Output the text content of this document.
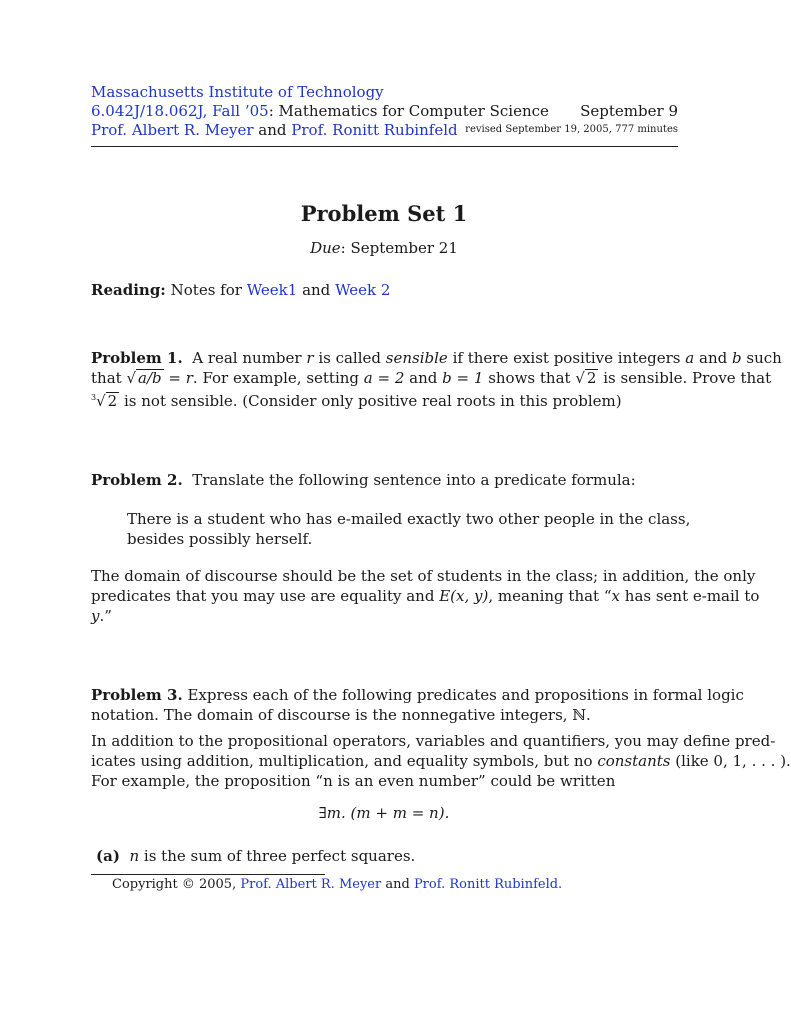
Massachusetts Institute of Technology
6.042J/18.062J, Fall ’05: Mathematics for Computer Science
Prof. Albert R. Meyer and Prof. Ronitt Rubinfeld
September 9
revised September 19, 2005, 777 minutes
Problem Set 1
Due: September 21
Reading: Notes for Week1 and Week 2
Problem 1. A real number r is called sensible if there exist positive integers a and b such
that √ a/b = r. For example, setting a = 2 and b = 1 shows that √ 2 is sensible. Prove that
$^3$√ 2 is not sensible. (Consider only positive real roots in this problem)
Problem 2. Translate the following sentence into a predicate formula:
There is a student who has e-mailed exactly two other people in the class,
besides possibly herself.
The domain of discourse should be the set of students in the class; in addition, the only
predicates that you may use are equality and E(x, y), meaning that “x has sent e-mail to
y.”
Problem 3. Express each of the following predicates and propositions in formal logic
notation. The domain of discourse is the nonnegative integers, ℕ.
In addition to the propositional operators, variables and quantifiers, you may define pred-
icates using addition, multiplication, and equality symbols, but no constants (like 0, 1, . . . ).
For example, the proposition “n is an even number” could be written
∃m. (m + m = n).
(a) n is the sum of three perfect squares.
Copyright © 2005, Prof. Albert R. Meyer and Prof. Ronitt Rubinfeld.
